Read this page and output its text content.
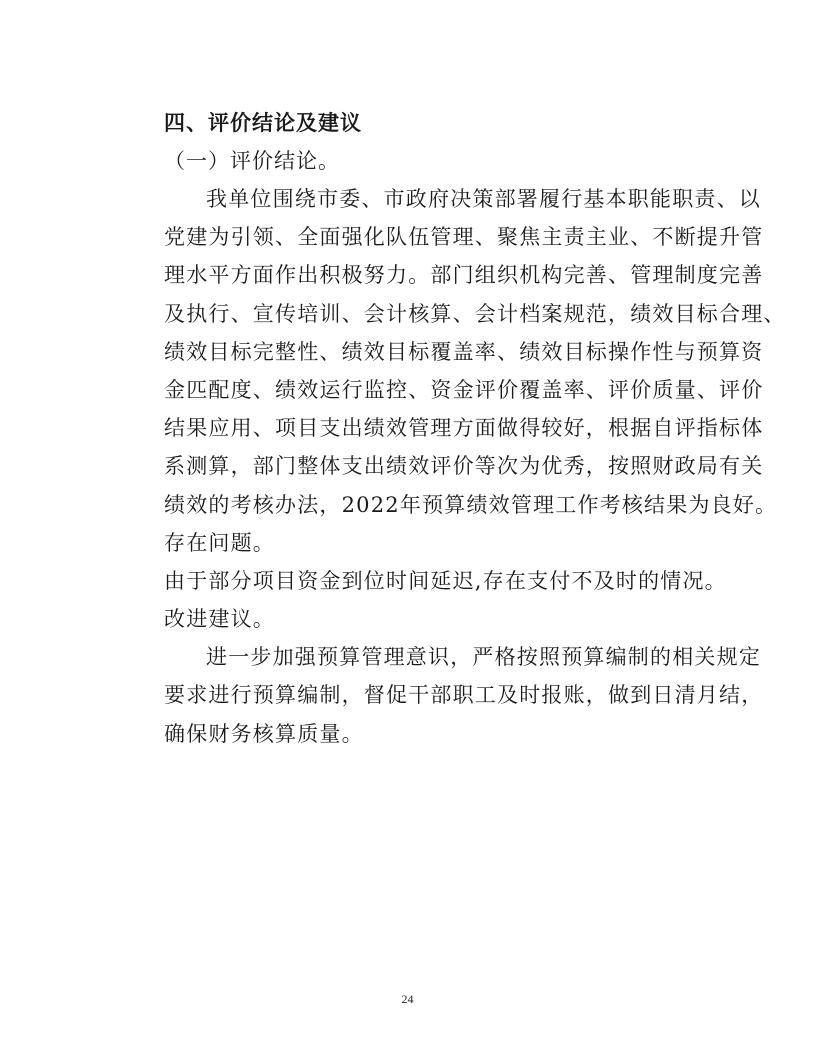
四、评价结论及建议
（一）评价结论。
我单位围绕市委、市政府决策部署履行基本职能职责、以
党建为引领、全面强化队伍管理、聚焦主责主业、不断提升管
理水平方面作出积极努力。部门组织机构完善、管理制度完善
及执行、宣传培训、会计核算、会计档案规范，绩效目标合理、
绩效目标完整性、绩效目标覆盖率、绩效目标操作性与预算资
金匹配度、绩效运行监控、资金评价覆盖率、评价质量、评价
结果应用、项目支出绩效管理方面做得较好，根据自评指标体
系测算，部门整体支出绩效评价等次为优秀，按照财政局有关
绩效的考核办法，2022年预算绩效管理工作考核结果为良好。
存在问题。
由于部分项目资金到位时间延迟,存在支付不及时的情况。
改进建议。
进一步加强预算管理意识，严格按照预算编制的相关规定
要求进行预算编制，督促干部职工及时报账，做到日清月结，
确保财务核算质量。
24
